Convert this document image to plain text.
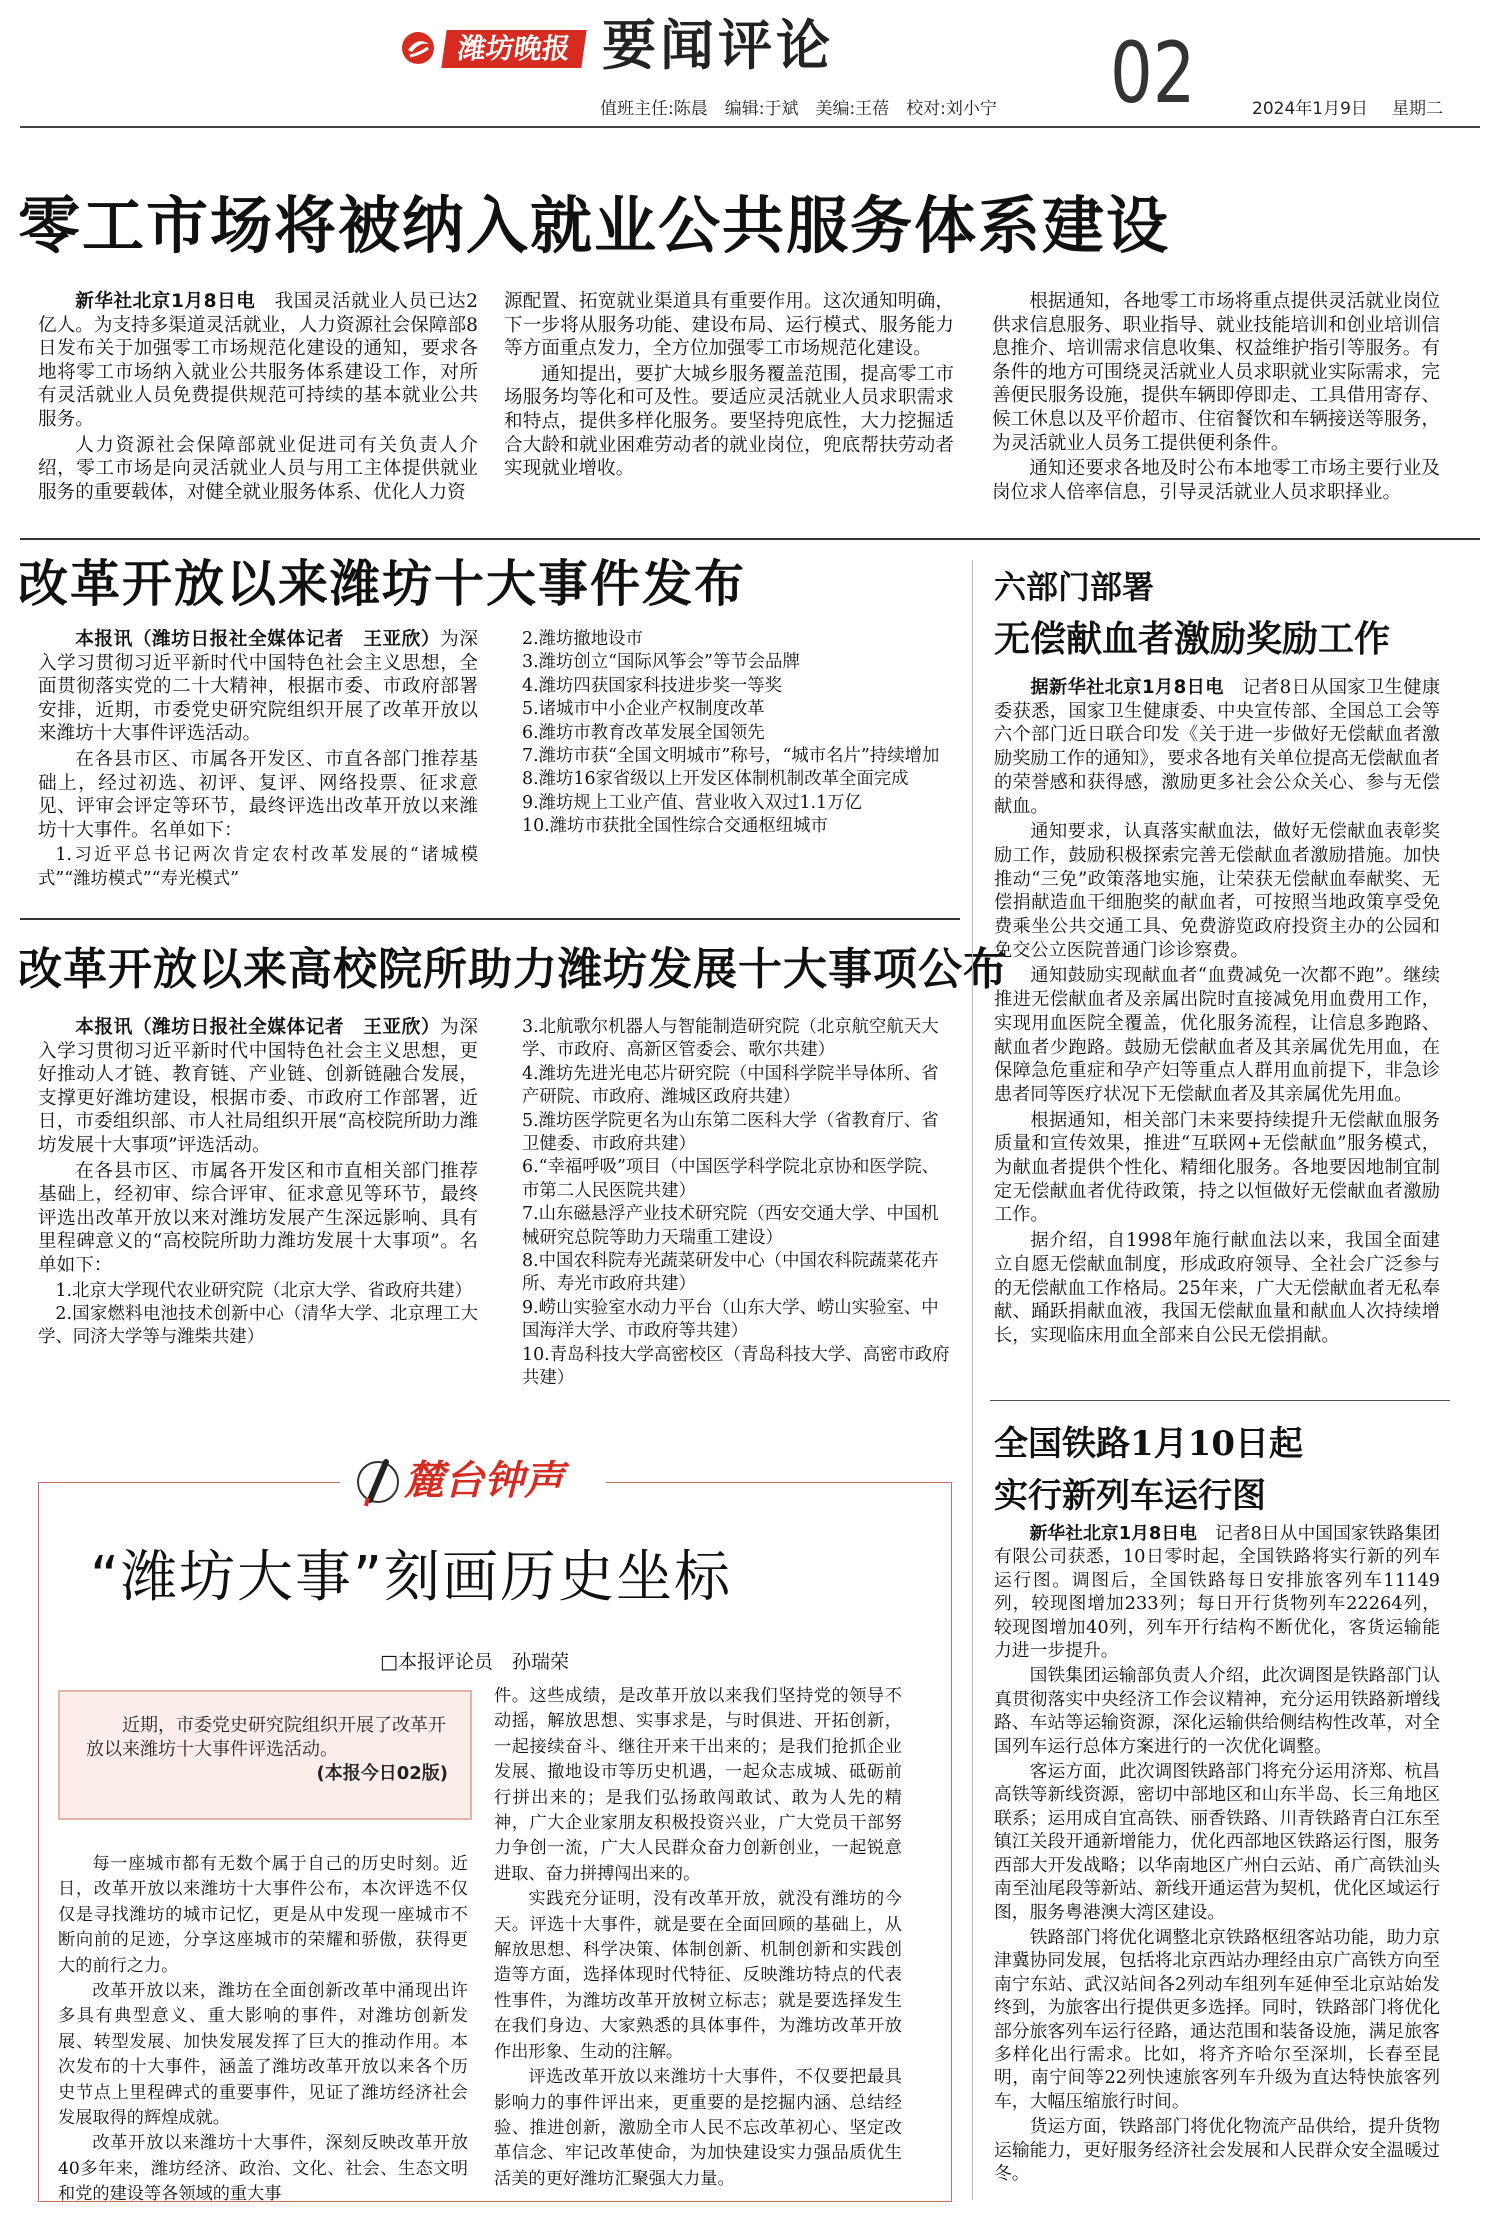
潍坊晚报 要闻评论	02
值班主任:陈晨　编辑:于斌　美编:王蓓　校对:刘小宁	2024年1月9日 星期二
零工市场将被纳入就业公共服务体系建设

新华社北京1月8日电　 我国灵活就业人员已达2亿人。为支持多渠道灵活就业，人力资源社会保障部8日发布关于加强零工市场规范化建设的通知，要求各地将零工市场纳入就业公共服务体系建设工作，对所有灵活就业人员免费提供规范可持续的基本就业公共服务。

人力资源社会保障部就业促进司有关负责人介绍，零工市场是向灵活就业人员与用工主体提供就业服务的重要载体，对健全就业服务体系、优化人力资

源配置、拓宽就业渠道具有重要作用。这次通知明确，下一步将从服务功能、建设布局、运行模式、服务能力等方面重点发力，全方位加强零工市场规范化建设。

通知提出，要扩大城乡服务覆盖范围，提高零工市场服务均等化和可及性。要适应灵活就业人员求职需求和特点，提供多样化服务。要坚持兜底性，大力挖掘适合大龄和就业困难劳动者的就业岗位，兜底帮扶劳动者实现就业增收。

根据通知，各地零工市场将重点提供灵活就业岗位供求信息服务、职业指导、就业技能培训和创业培训信息推介、培训需求信息收集、权益维护指引等服务。有条件的地方可围绕灵活就业人员求职就业实际需求，完善便民服务设施，提供车辆即停即走、工具借用寄存、候工休息以及平价超市、住宿餐饮和车辆接送等服务，为灵活就业人员务工提供便利条件。

通知还要求各地及时公布本地零工市场主要行业及岗位求人倍率信息，引导灵活就业人员求职择业。

改革开放以来潍坊十大事件发布

本报讯（潍坊日报社全媒体记者　王亚欣）为深入学习贯彻习近平新时代中国特色社会主义思想，全面贯彻落实党的二十大精神，根据市委、市政府部署安排，近期，市委党史研究院组织开展了改革开放以来潍坊十大事件评选活动。

在各县市区、市属各开发区、市直各部门推荐基础上，经过初选、初评、复评、网络投票、征求意见、评审会评定等环节，最终评选出改革开放以来潍坊十大事件。名单如下：

1.习近平总书记两次肯定农村改革发展的“诸城模式”“潍坊模式”“寿光模式”
2.潍坊撤地设市
3.潍坊创立“国际风筝会”等节会品牌
4.潍坊四获国家科技进步奖一等奖
5.诸城市中小企业产权制度改革
6.潍坊市教育改革发展全国领先
7.潍坊市获“全国文明城市”称号，“城市名片”持续增加
8.潍坊16家省级以上开发区体制机制改革全面完成
9.潍坊规上工业产值、营业收入双过1.1万亿
10.潍坊市获批全国性综合交通枢纽城市
改革开放以来高校院所助力潍坊发展十大事项公布

本报讯（潍坊日报社全媒体记者　王亚欣）为深入学习贯彻习近平新时代中国特色社会主义思想，更好推动人才链、教育链、产业链、创新链融合发展，支撑更好潍坊建设，根据市委、市政府工作部署，近日，市委组织部、市人社局组织开展“高校院所助力潍坊发展十大事项”评选活动。

在各县市区、市属各开发区和市直相关部门推荐基础上，经初审、综合评审、征求意见等环节，最终评选出改革开放以来对潍坊发展产生深远影响、具有里程碑意义的“高校院所助力潍坊发展十大事项”。名单如下：

1.北京大学现代农业研究院（北京大学、省政府共建）
2.国家燃料电池技术创新中心（清华大学、北京理工大学、同济大学等与潍柴共建）
3.北航歌尔机器人与智能制造研究院（北京航空航天大学、市政府、高新区管委会、歌尔共建）
4.潍坊先进光电芯片研究院（中国科学院半导体所、省产研院、市政府、潍城区政府共建）
5.潍坊医学院更名为山东第二医科大学（省教育厅、省卫健委、市政府共建）
6.“幸福呼吸”项目（中国医学科学院北京协和医学院、市第二人民医院共建）
7.山东磁悬浮产业技术研究院（西安交通大学、中国机械研究总院等助力天瑞重工建设）
8.中国农科院寿光蔬菜研发中心（中国农科院蔬菜花卉所、寿光市政府共建）
9.崂山实验室水动力平台（山东大学、崂山实验室、中国海洋大学、市政府等共建）
10.青岛科技大学高密校区（青岛科技大学、高密市政府共建）
麓台钟声
“潍坊大事”刻画历史坐标
□本报评论员　孙瑞荣
近期，市委党史研究院组织开展了改革开放以来潍坊十大事件评选活动。

(本报今日02版)
每一座城市都有无数个属于自己的历史时刻。近日，改革开放以来潍坊十大事件公布，本次评选不仅仅是寻找潍坊的城市记忆，更是从中发现一座城市不断向前的足迹，分享这座城市的荣耀和骄傲，获得更大的前行之力。
改革开放以来，潍坊在全面创新改革中涌现出许多具有典型意义、重大影响的事件，对潍坊创新发展、转型发展、加快发展发挥了巨大的推动作用。本次发布的十大事件，涵盖了潍坊改革开放以来各个历史节点上里程碑式的重要事件，见证了潍坊经济社会发展取得的辉煌成就。
改革开放以来潍坊十大事件，深刻反映改革开放40多年来，潍坊经济、政治、文化、社会、生态文明和党的建设等各领域的重大事
件。这些成绩，是改革开放以来我们坚持党的领导不动摇，解放思想、实事求是，与时俱进、开拓创新，一起接续奋斗、继往开来干出来的；是我们抢抓企业发展、撤地设市等历史机遇，一起众志成城、砥砺前行拼出来的；是我们弘扬敢闯敢试、敢为人先的精神，广大企业家朋友积极投资兴业，广大党员干部努力争创一流，广大人民群众奋力创新创业，一起锐意进取、奋力拼搏闯出来的。
实践充分证明，没有改革开放，就没有潍坊的今天。评选十大事件，就是要在全面回顾的基础上，从解放思想、科学决策、体制创新、机制创新和实践创造等方面，选择体现时代特征、反映潍坊特点的代表性事件，为潍坊改革开放树立标志；就是要选择发生在我们身边、大家熟悉的具体事件，为潍坊改革开放作出形象、生动的注解。
评选改革开放以来潍坊十大事件，不仅要把最具影响力的事件评出来，更重要的是挖掘内涵、总结经验、推进创新，激励全市人民不忘改革初心、坚定改革信念、牢记改革使命，为加快建设实力强品质优生活美的更好潍坊汇聚强大力量。
六部门部署
无偿献血者激励奖励工作

据新华社北京1月8日电　 记者8日从国家卫生健康委获悉，国家卫生健康委、中央宣传部、全国总工会等六个部门近日联合印发《关于进一步做好无偿献血者激励奖励工作的通知》，要求各地有关单位提高无偿献血者的荣誉感和获得感，激励更多社会公众关心、参与无偿献血。

通知要求，认真落实献血法，做好无偿献血表彰奖励工作，鼓励积极探索完善无偿献血者激励措施。加快推动“三免”政策落地实施，让荣获无偿献血奉献奖、无偿捐献造血干细胞奖的献血者，可按照当地政策享受免费乘坐公共交通工具、免费游览政府投资主办的公园和免交公立医院普通门诊诊察费。

通知鼓励实现献血者“血费减免一次都不跑”。继续推进无偿献血者及亲属出院时直接减免用血费用工作，实现用血医院全覆盖，优化服务流程，让信息多跑路、献血者少跑路。鼓励无偿献血者及其亲属优先用血，在保障急危重症和孕产妇等重点人群用血前提下，非急诊患者同等医疗状况下无偿献血者及其亲属优先用血。

根据通知，相关部门未来要持续提升无偿献血服务质量和宣传效果，推进“互联网+无偿献血”服务模式，为献血者提供个性化、精细化服务。各地要因地制宜制定无偿献血者优待政策，持之以恒做好无偿献血者激励工作。

据介绍，自1998年施行献血法以来，我国全面建立自愿无偿献血制度，形成政府领导、全社会广泛参与的无偿献血工作格局。25年来，广大无偿献血者无私奉献、踊跃捐献血液，我国无偿献血量和献血人次持续增长，实现临床用血全部来自公民无偿捐献。

全国铁路1月10日起
实行新列车运行图

新华社北京1月8日电　 记者8日从中国国家铁路集团有限公司获悉，10日零时起，全国铁路将实行新的列车运行图。调图后，全国铁路每日安排旅客列车11149列，较现图增加233列；每日开行货物列车22264列，较现图增加40列，列车开行结构不断优化，客货运输能力进一步提升。

国铁集团运输部负责人介绍，此次调图是铁路部门认真贯彻落实中央经济工作会议精神，充分运用铁路新增线路、车站等运输资源，深化运输供给侧结构性改革，对全国列车运行总体方案进行的一次优化调整。

客运方面，此次调图铁路部门将充分运用济郑、杭昌高铁等新线资源，密切中部地区和山东半岛、长三角地区联系；运用成自宜高铁、丽香铁路、川青铁路青白江东至镇江关段开通新增能力，优化西部地区铁路运行图，服务西部大开发战略；以华南地区广州白云站、甬广高铁汕头南至汕尾段等新站、新线开通运营为契机，优化区域运行图，服务粤港澳大湾区建设。

铁路部门将优化调整北京铁路枢纽客站功能，助力京津冀协同发展，包括将北京西站办理经由京广高铁方向至南宁东站、武汉站间各2列动车组列车延伸至北京站始发终到，为旅客出行提供更多选择。同时，铁路部门将优化部分旅客列车运行径路，通达范围和装备设施，满足旅客多样化出行需求。比如，将齐齐哈尔至深圳，长春至昆明，南宁间等22列快速旅客列车升级为直达特快旅客列车，大幅压缩旅行时间。

货运方面，铁路部门将优化物流产品供给，提升货物运输能力，更好服务经济社会发展和人民群众安全温暖过冬。
